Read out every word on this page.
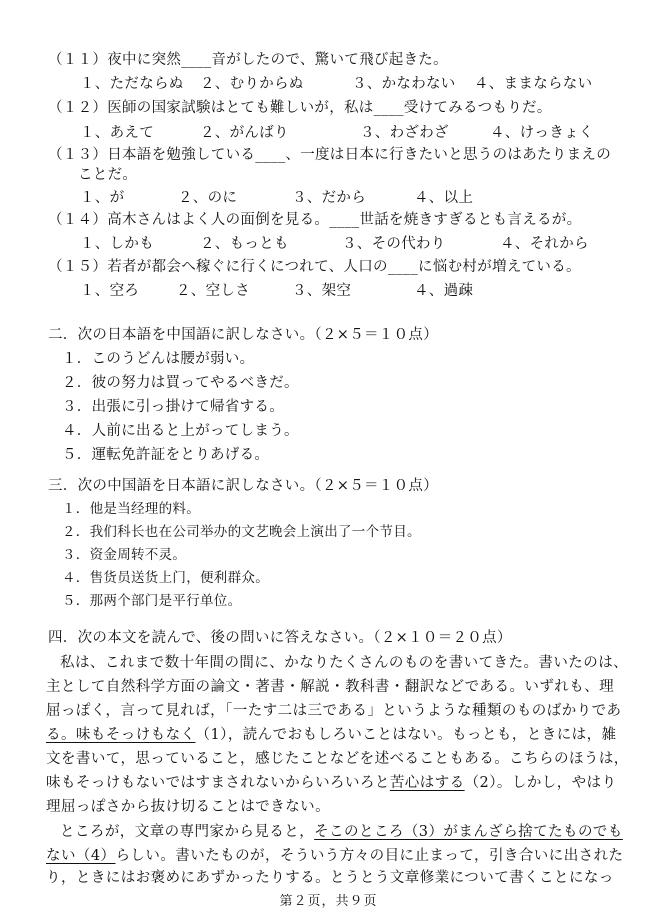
（１１）夜中に突然____音がしたので、驚いて飛び起きた。
１、ただならぬ ２、むりからぬ	３、かなわない ４、ままならない
（１２）医師の国家試験はとても難しいが，私は____受けてみるつもりだ。
１、あえて	２、がんばり	３、わざわざ	４、けっきょく
（１３）日本語を勉強している____、一度は日本に行きたいと思うのはあたりまえの
ことだ。
１、が	２、のに	３、だから	４、以上
（１４）高木さんはよく人の面倒を見る。____世話を焼きすぎるとも言えるが。
１、しかも	２、もっとも	３、その代わり	４、それから
（１５）若者が都会へ稼ぐに行くにつれて、人口の____に悩む村が増えている。
１、空ろ	２、空しさ	３、架空	４、過疎
二．次の日本語を中国語に訳しなさい。（２×５＝１０点）
１．このうどんは腰が弱い。
２．彼の努力は買ってやるべきだ。
３．出張に引っ掛けて帰省する。
４．人前に出ると上がってしまう。
５．運転免許証をとりあげる。
三．次の中国語を日本語に訳しなさい。（２×５＝１０点）
１．他是当经理的料。
２．我们科长也在公司举办的文艺晚会上演出了一个节目。
３．资金周转不灵。
４．售货员送货上门，便利群众。
５．那两个部门是平行单位。
四．次の本文を読んで、後の問いに答えなさい。（２×１０＝２０点）
私は、これまで数十年間の間に、かなりたくさんのものを書いてきた。書いたのは、
主として自然科学方面の論文・著書・解説・教科書・翻訳などである。いずれも、理
屈っぽく，言って見れば，「一たす二は三である」というような種類のものばかりであ
る。味もそっけもなく（1），読んでおもしろいことはない。もっとも，ときには，雑
文を書いて，思っていること，感じたことなどを述べることもある。こちらのほうは，
味もそっけもないではすまされないからいろいろと苦心はする（2）。しかし，やはり
理屈っぽさから抜け切ることはできない。
ところが，文章の専門家から見ると，そこのところ（3）がまんざら捨てたものでも
ない（4）らしい。書いたものが，そういう方々の目に止まって，引き合いに出された
り，ときにはお褒めにあずかったりする。とうとう文章修業について書くことになっ
第２页，共９页
